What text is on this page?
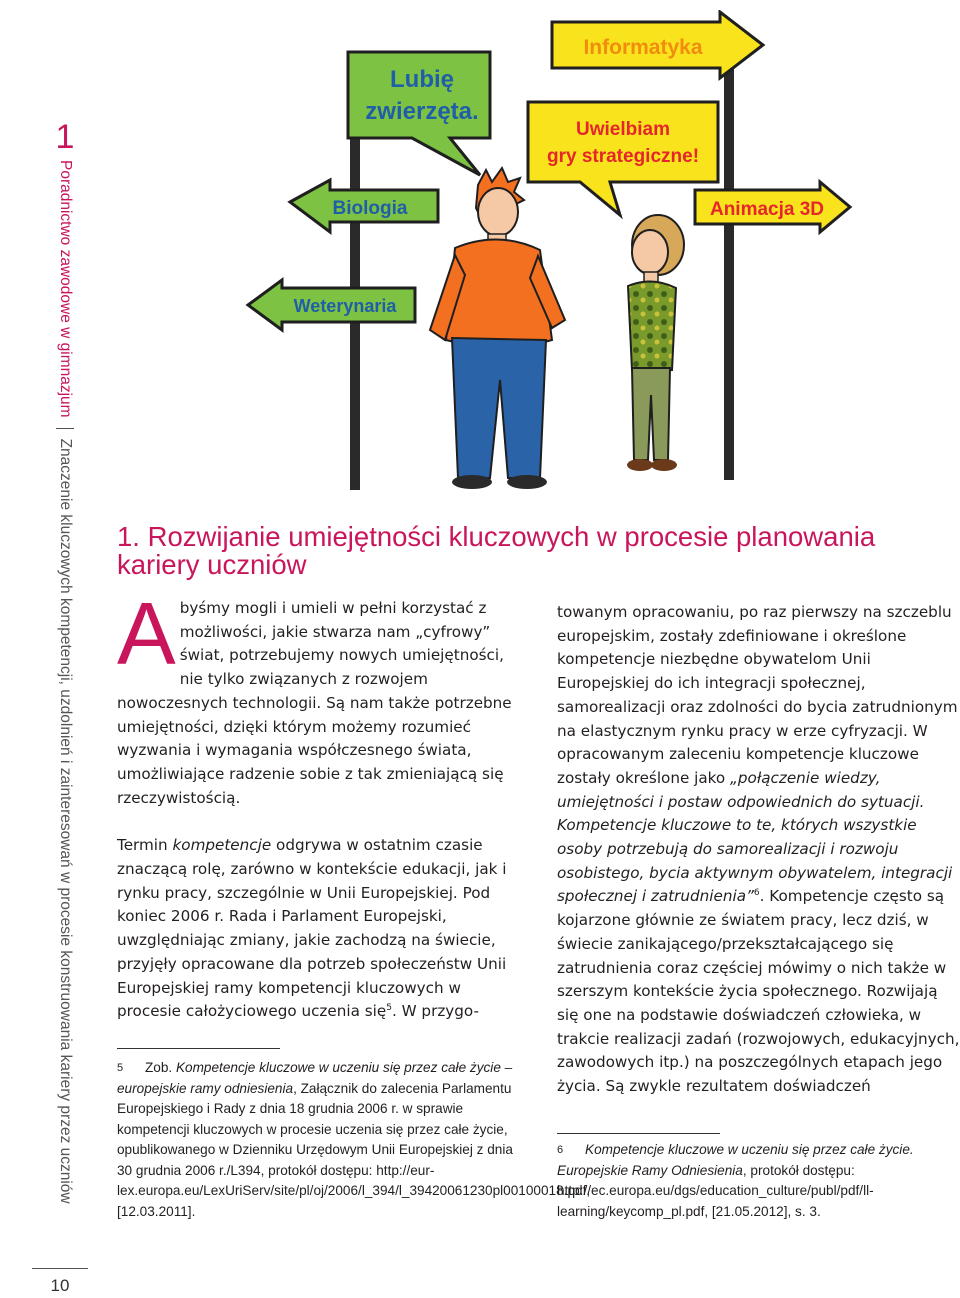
1
Poradnictwo zawodowe w gimnazjumZnaczenie kluczowych kompetencji, uzdolnień i zainteresowań w procesie konstruowania kariery przez uczniów
10
Lubię
zwierzęta.
Informatyka
Uwielbiam
gry strategiczne!
Biologia	Animacja 3D
Weterynaria
1. Rozwijanie umiejętności kluczowych w procesie planowania kariery uczniów

Abyśmy mogli i umieli w pełni korzystać z możliwości, jakie stwarza nam „cyfrowy” świat, potrzebujemy nowych umiejętności, nie tylko związanych z rozwojem nowoczesnych technologii. Są nam także potrzebne umiejętności, dzięki którym możemy rozumieć wyzwania i wymagania współczesnego świata, umożliwiające radzenie sobie z tak zmieniającą się rzeczywistością.

Termin kompetencje odgrywa w ostatnim czasie znaczącą rolę, zarówno w kontekście edukacji, jak i rynku pracy, szczególnie w Unii Europejskiej. Pod koniec 2006 r. Rada i Parlament Europejski, uwzględniając zmiany, jakie zachodzą na świecie, przyjęły opracowane dla potrzeb społeczeństw Unii Europejskiej ramy kompetencji kluczowych w procesie całożyciowego uczenia się$^5$. W przygo-

5 Zob. Kompetencje kluczowe w uczeniu się przez całe życie – europejskie ramy odniesienia, Załącznik do zalecenia Parlamentu Europejskiego i Rady z dnia 18 grudnia 2006 r. w sprawie kompetencji kluczowych w procesie uczenia się przez całe życie, opublikowanego w Dzienniku Urzędowym Unii Europejskiej z dnia 30 grudnia 2006 r./L394, protokół dostępu: http://eur-lex.europa.eu/LexUriServ/site/pl/oj/2006/l_394/l_39420061230pl00100018.pdf, [12.03.2011].

towanym opracowaniu, po raz pierwszy na szczeblu europejskim, zostały zdefiniowane i określone kompetencje niezbędne obywatelom Unii Europejskiej do ich integracji społecznej, samorealizacji oraz zdolności do bycia zatrudnionym na elastycznym rynku pracy w erze cyfryzacji. W opracowanym zaleceniu kompetencje kluczowe zostały określone jako „połączenie wiedzy, umiejętności i postaw odpowiednich do sytuacji. Kompetencje kluczowe to te, których wszystkie osoby potrzebują do samorealizacji i rozwoju osobistego, bycia aktywnym obywatelem, integracji społecznej i zatrudnienia”$^6$. Kompetencje często są kojarzone głównie ze światem pracy, lecz dziś, w świecie zanikającego/przekształcającego się zatrudnienia coraz częściej mówimy o nich także w szerszym kontekście życia społecznego. Rozwijają się one na podstawie doświadczeń człowieka, w trakcie realizacji zadań (rozwojowych, edukacyjnych, zawodowych itp.) na poszczególnych etapach jego życia. Są zwykle rezultatem doświadczeń

6 Kompetencje kluczowe w uczeniu się przez całe życie. Europejskie Ramy Odniesienia, protokół dostępu: http://ec.europa.eu/dgs/education_culture/publ/pdf/ll-learning/keycomp_pl.pdf, [21.05.2012], s. 3.
